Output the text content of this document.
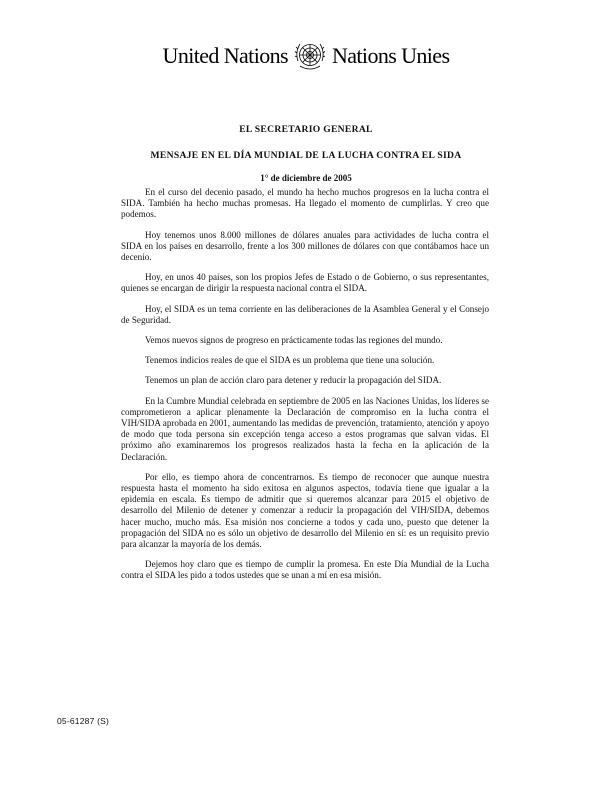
United Nations Nations Unies
EL SECRETARIO GENERAL
MENSAJE EN EL DÍA MUNDIAL DE LA LUCHA CONTRA EL SIDA
1° de diciembre de 2005

En el curso del decenio pasado, el mundo ha hecho muchos progresos en la lucha contra el SIDA. También ha hecho muchas promesas. Ha llegado el momento de cumplirlas. Y creo que podemos.

Hoy tenemos unos 8.000 millones de dólares anuales para actividades de lucha contra el SIDA en los países en desarrollo, frente a los 300 millones de dólares con que contábamos hace un decenio.

Hoy, en unos 40 países, son los propios Jefes de Estado o de Gobierno, o sus representantes, quienes se encargan de dirigir la respuesta nacional contra el SIDA.

Hoy, el SIDA es un tema corriente en las deliberaciones de la Asamblea General y el Consejo de Seguridad.

Vemos nuevos signos de progreso en prácticamente todas las regiones del mundo.

Tenemos indicios reales de que el SIDA es un problema que tiene una solución.

Tenemos un plan de acción claro para detener y reducir la propagación del SIDA.

En la Cumbre Mundial celebrada en septiembre de 2005 en las Naciones Unidas, los líderes se comprometieron a aplicar plenamente la Declaración de compromiso en la lucha contra el VIH/SIDA aprobada en 2001, aumentando las medidas de prevención, tratamiento, atención y apoyo de modo que toda persona sin excepción tenga acceso a estos programas que salvan vidas. El próximo año examinaremos los progresos realizados hasta la fecha en la aplicación de la Declaración.

Por ello, es tiempo ahora de concentrarnos. Es tiempo de reconocer que aunque nuestra respuesta hasta el momento ha sido exitosa en algunos aspectos, todavía tiene que igualar a la epidemia en escala. Es tiempo de admitir que si queremos alcanzar para 2015 el objetivo de desarrollo del Milenio de detener y comenzar a reducir la propagación del VIH/SIDA, debemos hacer mucho, mucho más. Esa misión nos concierne a todos y cada uno, puesto que detener la propagación del SIDA no es sólo un objetivo de desarrollo del Milenio en sí: es un requisito previo para alcanzar la mayoría de los demás.

Dejemos hoy claro que es tiempo de cumplir la promesa. En este Día Mundial de la Lucha contra el SIDA les pido a todos ustedes que se unan a mí en esa misión.

05-61287 (S)
